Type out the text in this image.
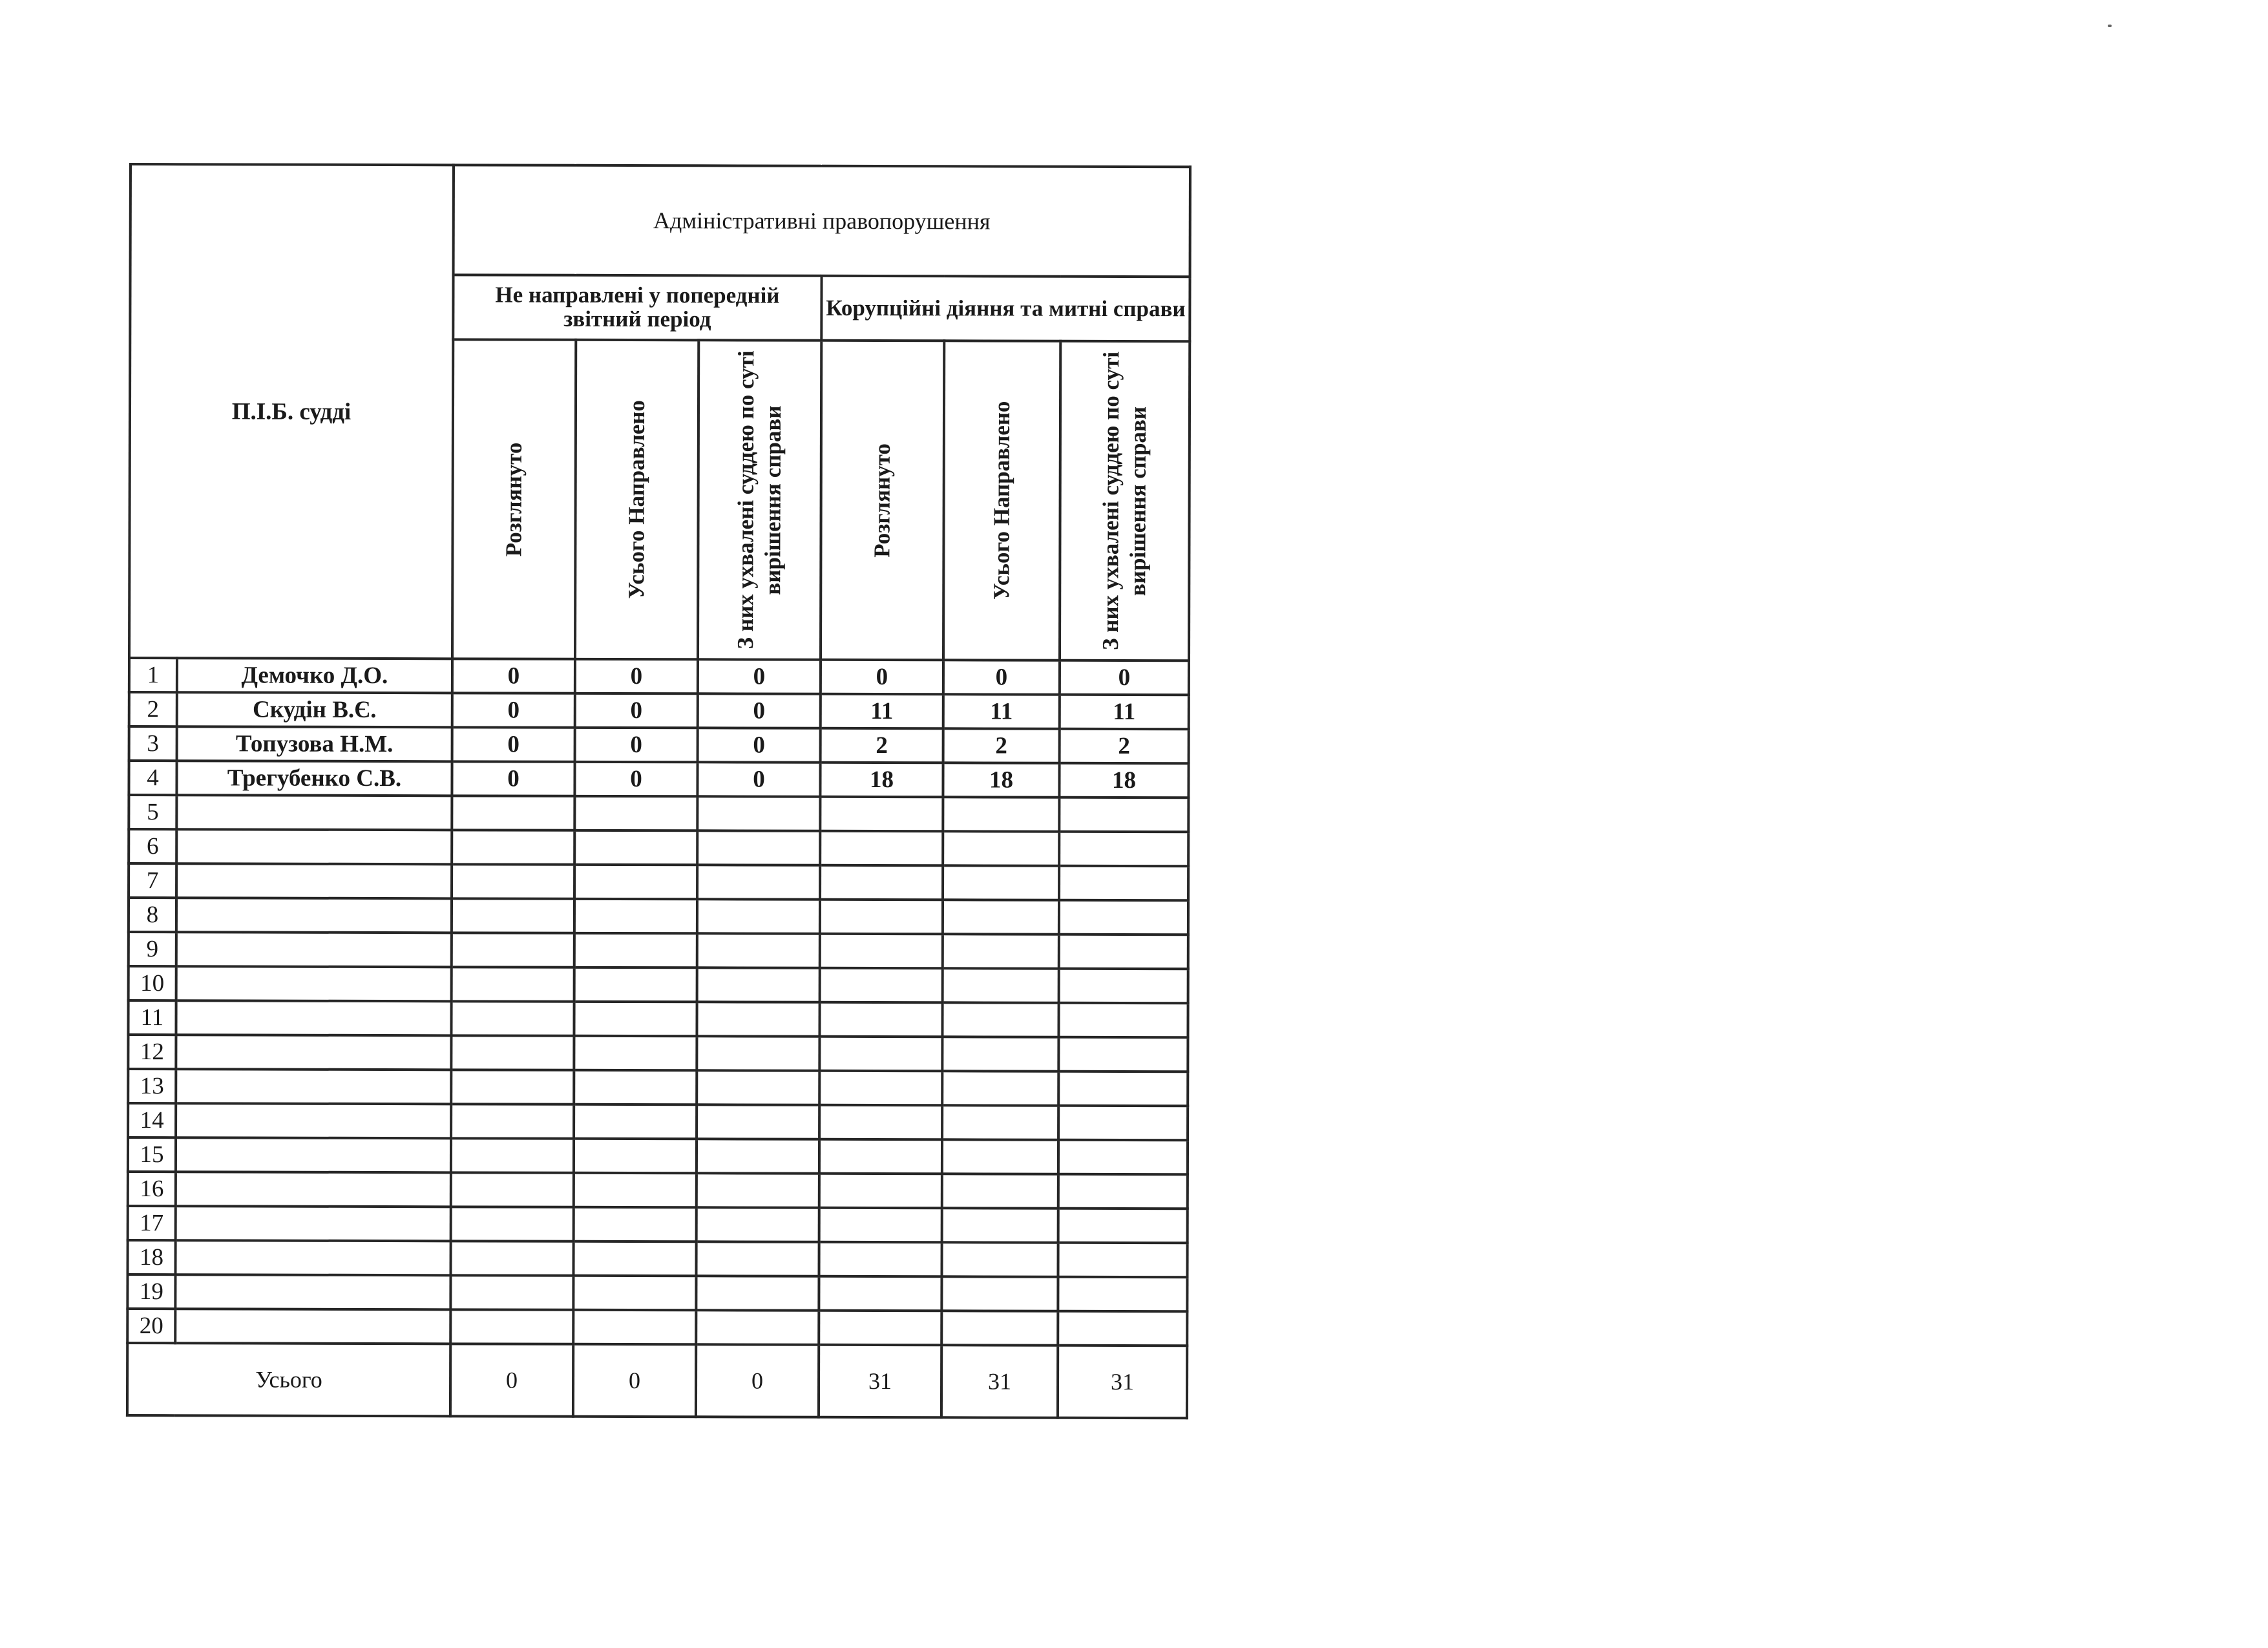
П.І.Б. судді		Адміністративні правопорушення					
		Не направлені у попередній звітний період			Корупційні діяння та митні справи		

		Розглянуто	Усього Направлено	З них ухвалені суддею по суті вирішення справи	Розглянуто	Усього Направлено	З них ухвалені суддею по суті вирішення справи

1	Демочко Д.О.	0	0	0	0	0	0
2	Скудін В.Є.	0	0	0	11	11	11
3	Топузова Н.М.	0	0	0	2	2	2
4	Трегубенко С.В.	0	0	0	18	18	18
5							
6							
7							
8							
9							
10							
11							
12							
13							
14							
15							
16							
17							
18							
19							
20							
Усього		0	0	0	31	31	31
